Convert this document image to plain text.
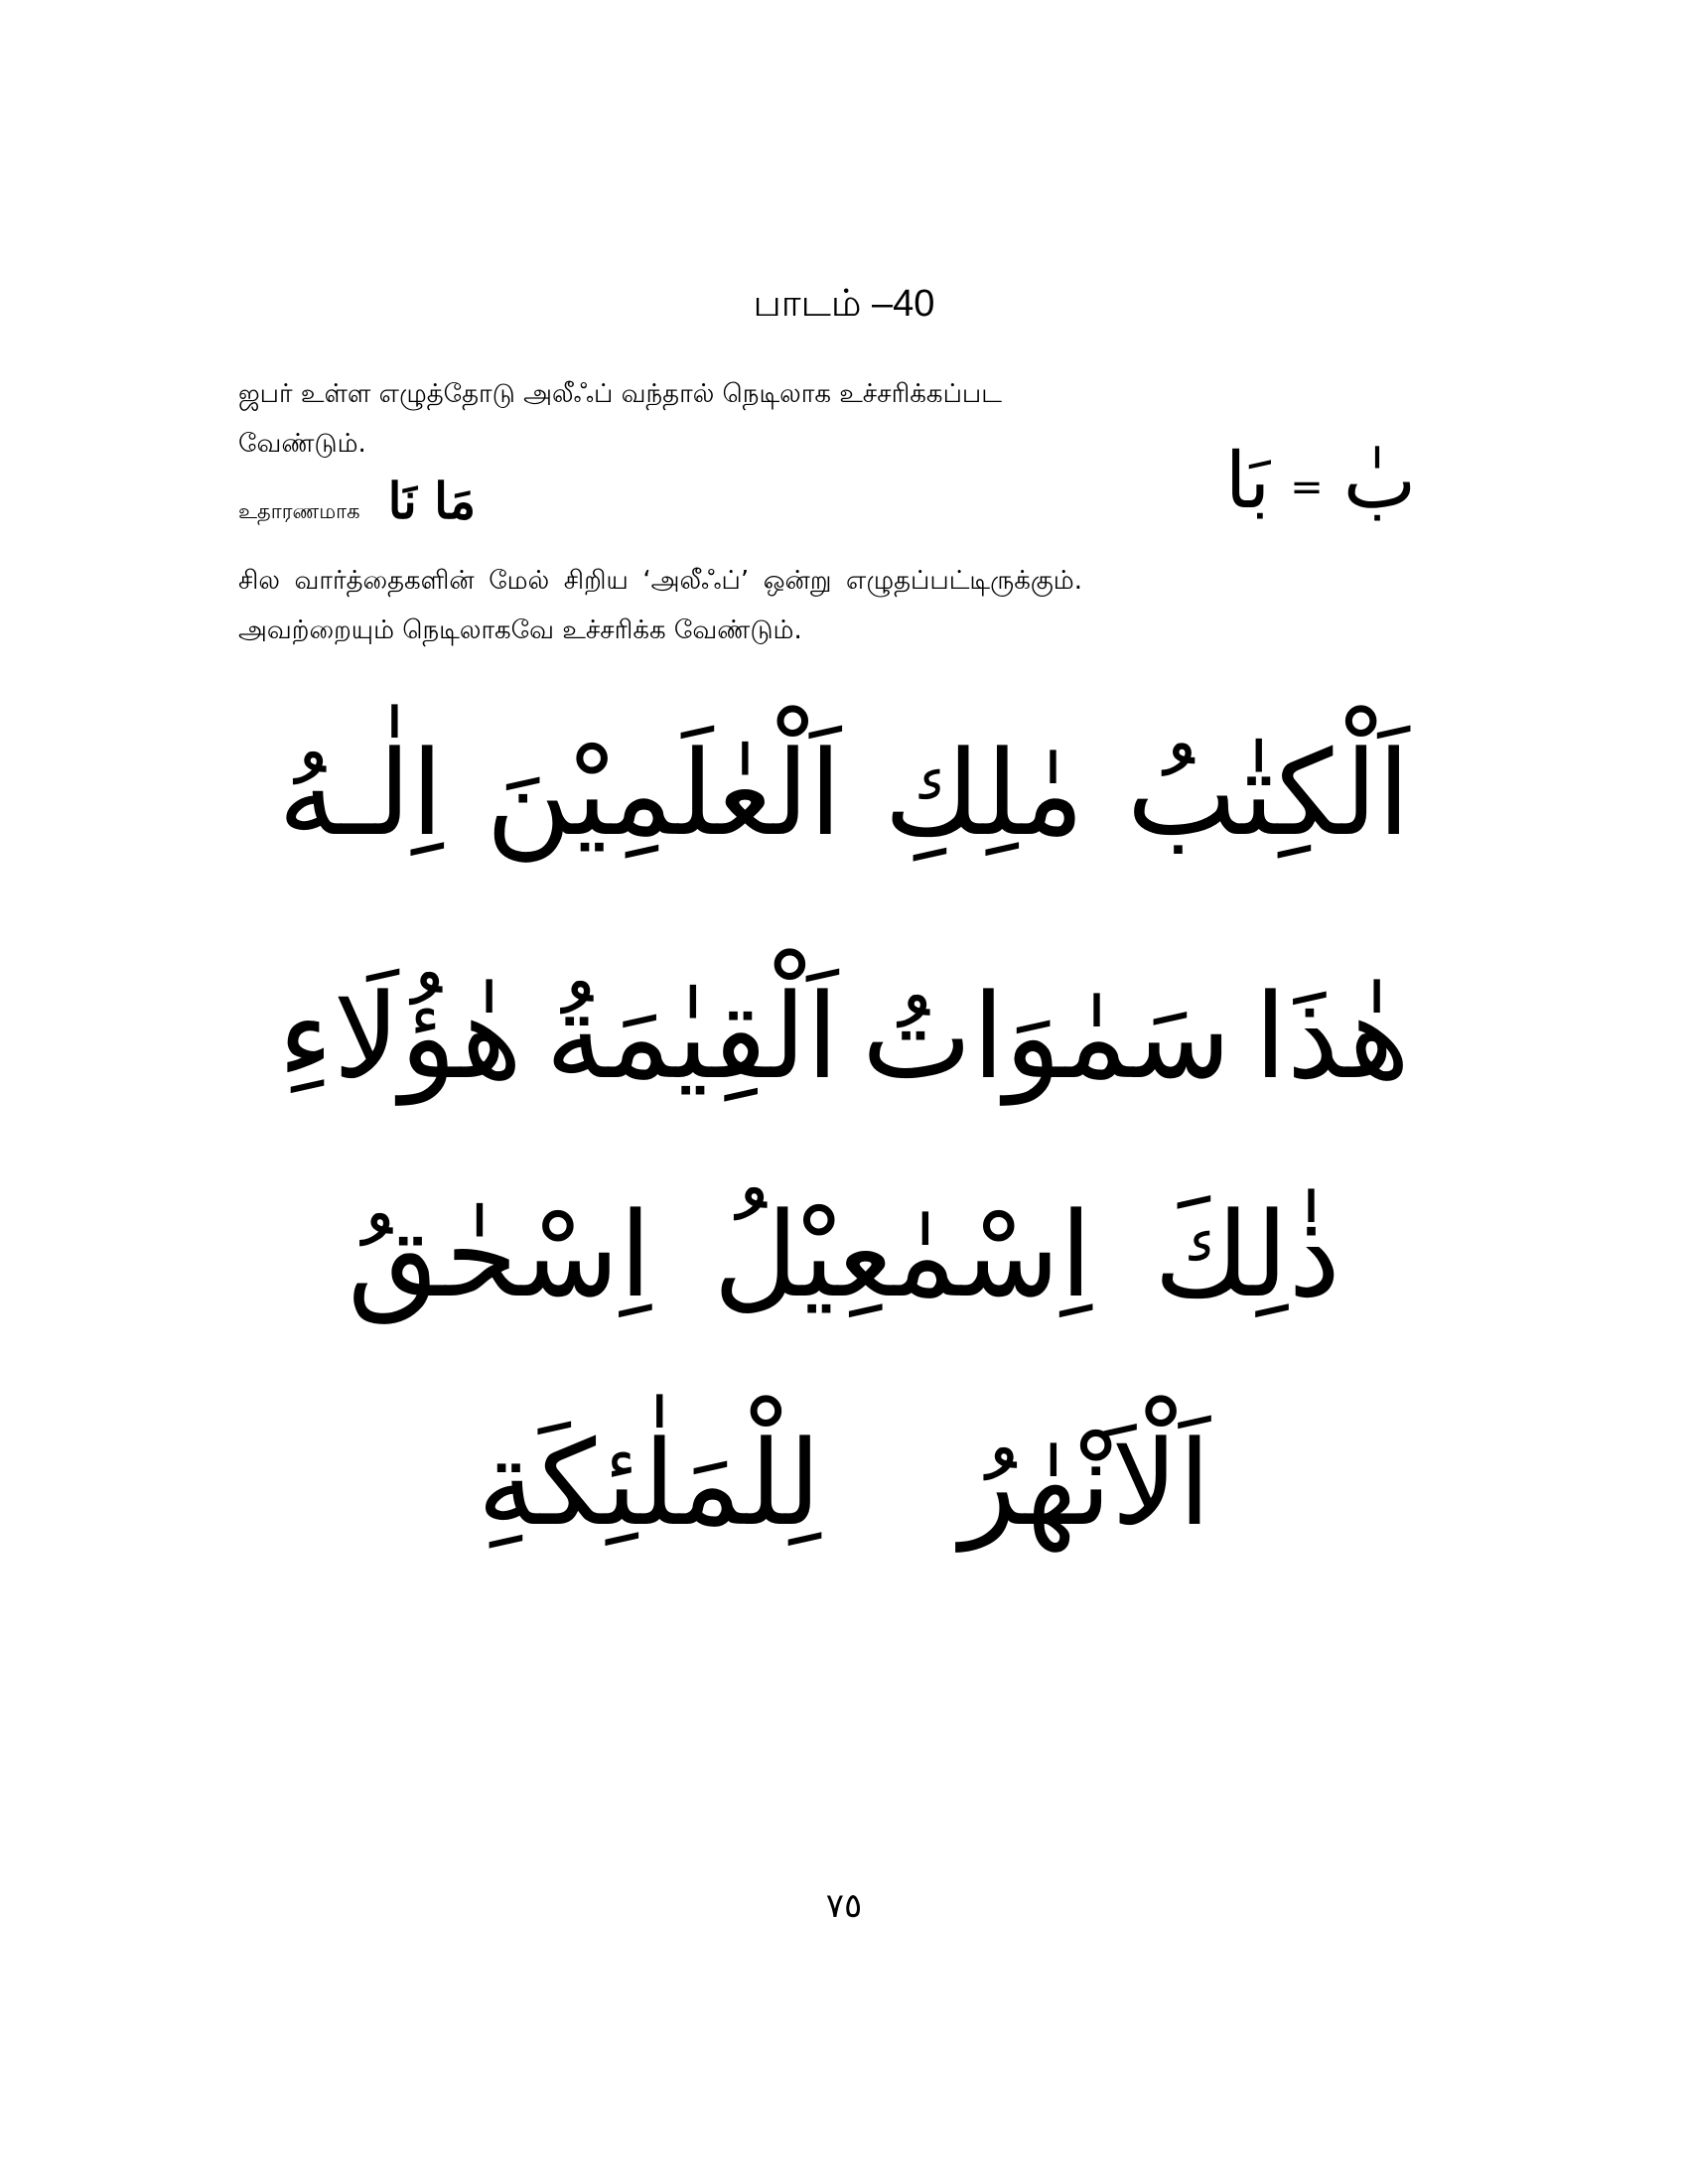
பாடம் –40
ஜபர் உள்ள எழுத்தோடு அலீஃப் வந்தால் நெடிலாக உச்சரிக்கப்பட வேண்டும்.
உதாரணமாக مَا نَا	بٰ=بَا
சில வார்த்தைகளின் மேல் சிறிய ‘அலீஃப்’ ஒன்று எழுதப்பட்டிருக்கும். அவற்றையும் நெடிலாகவே உச்சரிக்க வேண்டும்.
اَلْكِتٰبُ
مٰلِكِ
اَلْعٰلَمِيْنَ
اِلٰـهُ
هٰذَا
سَمٰوَاتُ
اَلْقِيٰمَةُ
هٰؤُلَاءِ
ذٰلِكَ
اِسْمٰعِيْلُ
اِسْحٰقُ
اَلْاَنْهٰرُ
لِلْمَلٰئِكَةِ
٧٥
